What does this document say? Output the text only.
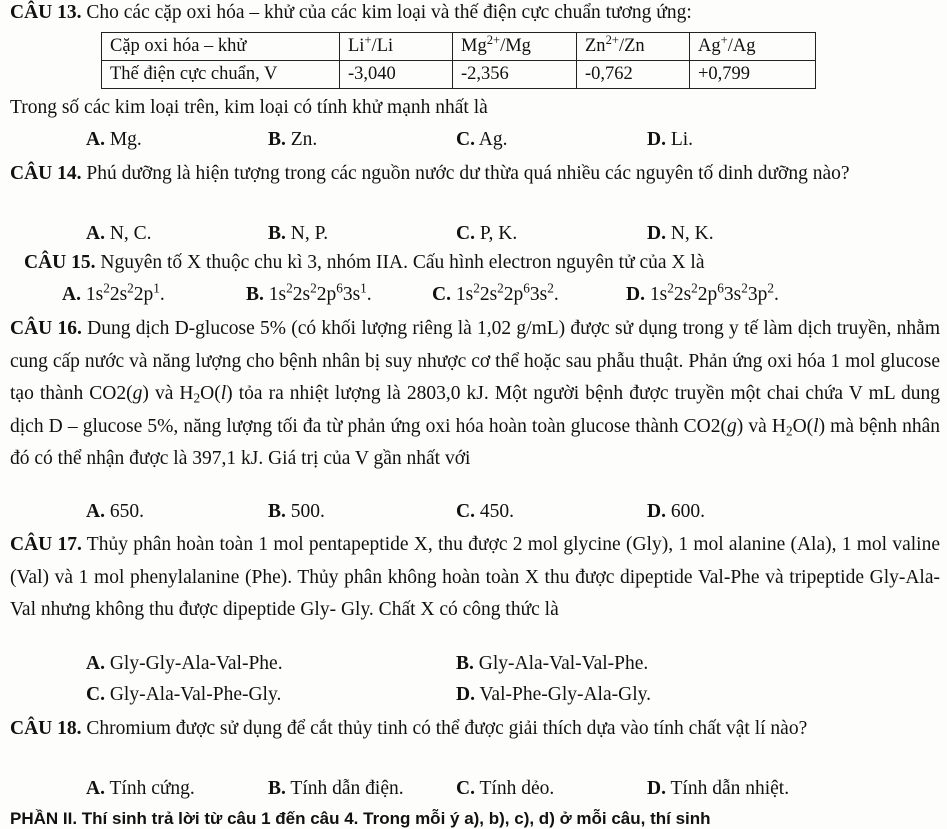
CÂU 13. Cho các cặp oxi hóa – khử của các kim loại và thế điện cực chuẩn tương ứng:
Cặp oxi hóa – khử	Li+/Li	$Mg^{2+}/Mg$	$Zn^{2+}/Zn$	Ag+/Ag
Thế điện cực chuẩn, V	-3,040	-2,356	-0,762	+0,799
Trong số các kim loại trên, kim loại có tính khử mạnh nhất là
A. Mg.	B. Zn.	C. Ag.	D. Li.
CÂU 14. Phú dưỡng là hiện tượng trong các nguồn nước dư thừa quá nhiều các nguyên tố dinh dưỡng nào?
A. N, C.	B. N, P.	C. P, K.	D. N, K.
CÂU 15. Nguyên tố X thuộc chu kì 3, nhóm IIA. Cấu hình electron nguyên tử của X là
A. $1s^22s^22p^1$.	B. $1s^22s^22p^63s^1$.	C. $1s^22s^22p^63s^2$.	D. $1s^22s^22p^63s^23p^2$.
CÂU 16. Dung dịch D-glucose 5% (có khối lượng riêng là 1,02 g/mL) được sử dụng trong y tế làm dịch truyền, nhằm cung cấp nước và năng lượng cho bệnh nhân bị suy nhược cơ thể hoặc sau phẫu thuật. Phản ứng oxi hóa 1 mol glucose tạo thành CO2(g) và $H_2O(l)$ tỏa ra nhiệt lượng là 2803,0 kJ. Một người bệnh được truyền một chai chứa V mL dung dịch D – glucose 5%, năng lượng tối đa từ phản ứng oxi hóa hoàn toàn glucose thành CO2(g) và $H_2O(l)$ mà bệnh nhân đó có thể nhận được là 397,1 kJ. Giá trị của V gần nhất với
A. 650.	B. 500.	C. 450.	D. 600.
CÂU 17. Thủy phân hoàn toàn 1 mol pentapeptide X, thu được 2 mol glycine (Gly), 1 mol alanine (Ala), 1 mol valine (Val) và 1 mol phenylalanine (Phe). Thủy phân không hoàn toàn X thu được dipeptide Val-Phe và tripeptide Gly-Ala-Val nhưng không thu được dipeptide Gly- Gly. Chất X có công thức là
A. Gly-Gly-Ala-Val-Phe.	B. Gly-Ala-Val-Val-Phe.
C. Gly-Ala-Val-Phe-Gly.	D. Val-Phe-Gly-Ala-Gly.
CÂU 18. Chromium được sử dụng để cắt thủy tinh có thể được giải thích dựa vào tính chất vật lí nào?
A. Tính cứng.	B. Tính dẫn điện.	C. Tính dẻo.	D. Tính dẫn nhiệt.
PHẦN II. Thí sinh trả lời từ câu 1 đến câu 4. Trong mỗi ý a), b), c), d) ở mỗi câu, thí sinh
